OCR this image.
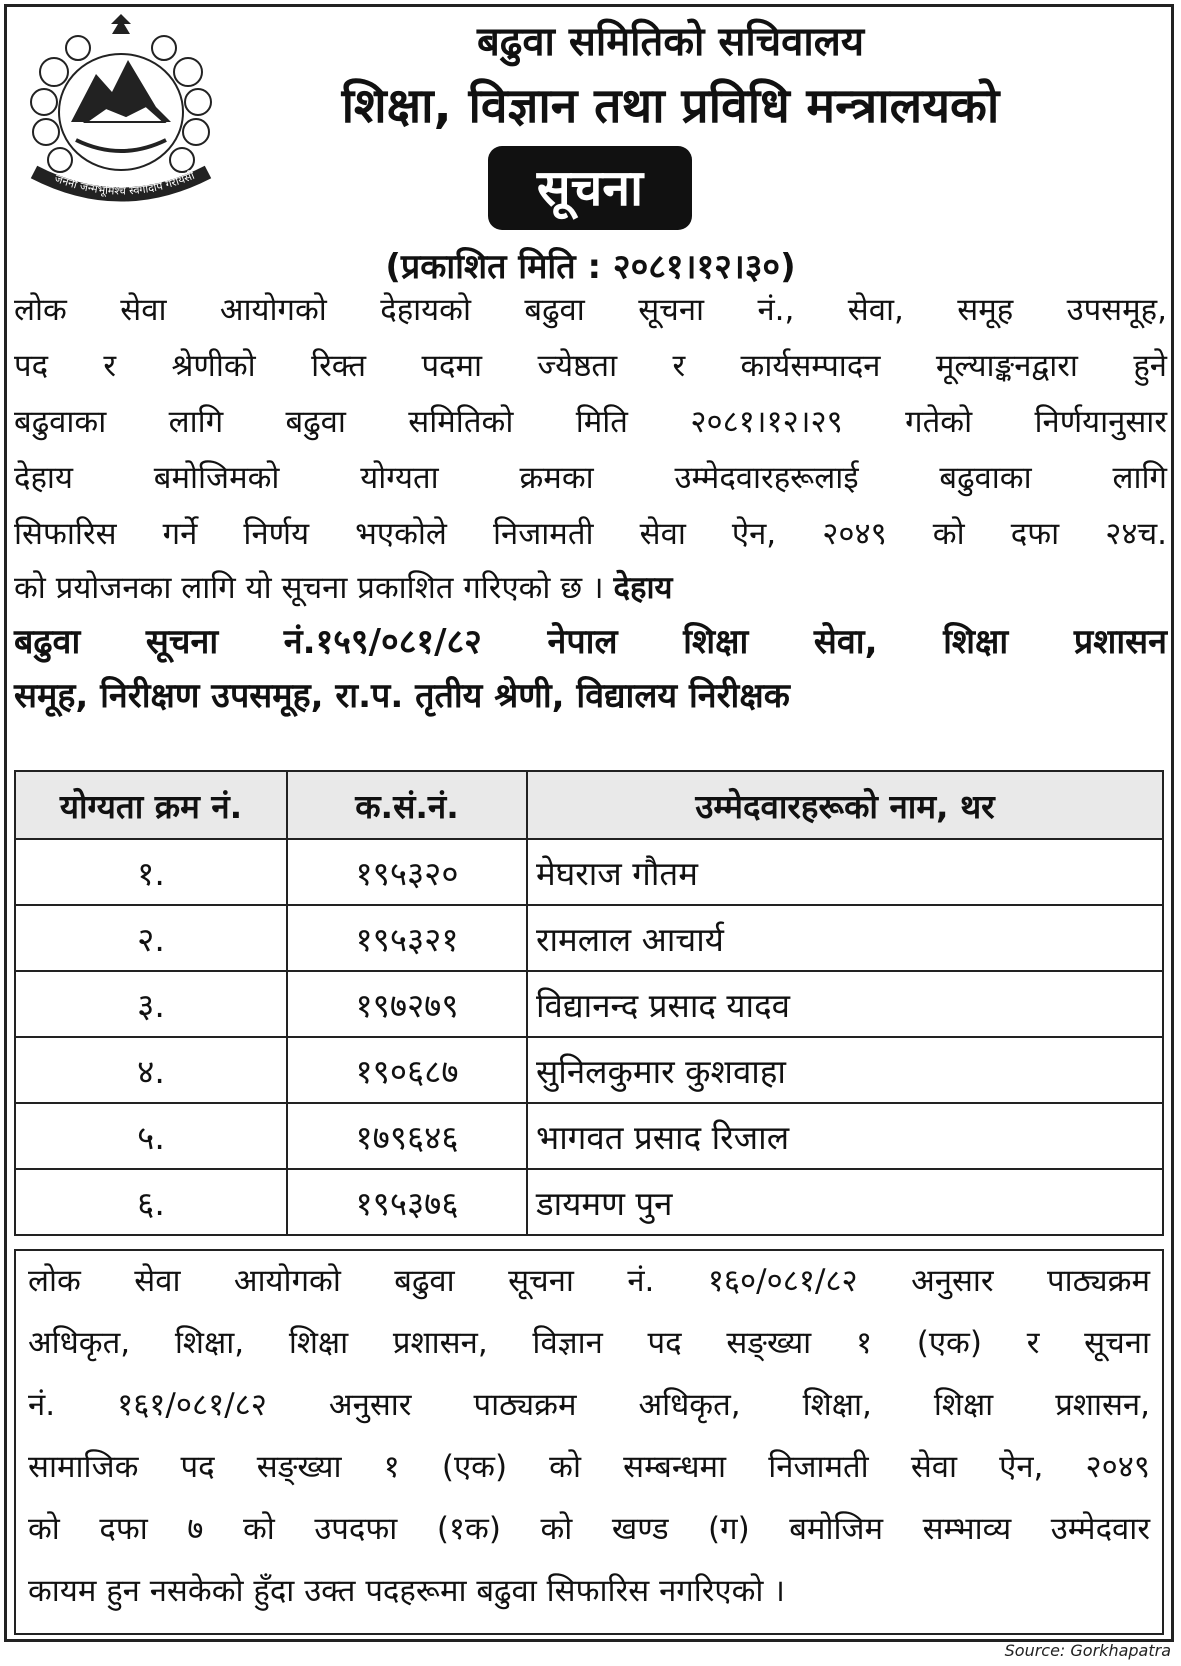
जननी जन्मभूमिश्च स्वर्गादपि गरीयसी
बढुवा समितिको सचिवालय
शिक्षा, विज्ञान तथा प्रविधि मन्त्रालयको
सूचना
(प्रकाशित मिति : २०८१।१२।३०)
लोक सेवा आयोगको देहायको बढुवा सूचना नं., सेवा, समूह उपसमूह,
पद र श्रेणीको रिक्त पदमा ज्येष्ठता र कार्यसम्पादन मूल्याङ्कनद्वारा हुने
बढुवाका लागि बढुवा समितिको मिति २०८१।१२।२९ गतेको निर्णयानुसार
देहाय बमोजिमको योग्यता क्रमका उम्मेदवारहरूलाई बढुवाका लागि
सिफारिस गर्ने निर्णय भएकोले निजामती सेवा ऐन, २०४९ को दफा २४च.
को प्रयोजनका लागि यो सूचना प्रकाशित गरिएको छ । देहाय
बढुवा सूचना नं.१५९/०८१/८२ नेपाल शिक्षा सेवा, शिक्षा प्रशासन
समूह, निरीक्षण उपसमूह, रा.प. तृतीय श्रेणी, विद्यालय निरीक्षक
योग्यता क्रम नं.	क.सं.नं.	उम्मेदवारहरूको नाम, थर
१.	१९५३२०	मेघराज गौतम
२.	१९५३२१	रामलाल आचार्य
३.	१९७२७९	विद्यानन्द प्रसाद यादव
४.	१९०६८७	सुनिलकुमार कुशवाहा
५.	१७९६४६	भागवत प्रसाद रिजाल
६.	१९५३७६	डायमण पुन
लोक सेवा आयोगको बढुवा सूचना नं. १६०/०८१/८२ अनुसार पाठ्यक्रम
अधिकृत, शिक्षा, शिक्षा प्रशासन, विज्ञान पद सङ्ख्या १ (एक) र सूचना
नं. १६१/०८१/८२ अनुसार पाठ्यक्रम अधिकृत, शिक्षा, शिक्षा प्रशासन,
सामाजिक पद सङ्ख्या १ (एक) को सम्बन्धमा निजामती सेवा ऐन, २०४९
को दफा ७ को उपदफा (१क) को खण्ड (ग) बमोजिम सम्भाव्य उम्मेदवार
कायम हुन नसकेको हुँदा उक्त पदहरूमा बढुवा सिफारिस नगरिएको ।
Source: Gorkhapatra
